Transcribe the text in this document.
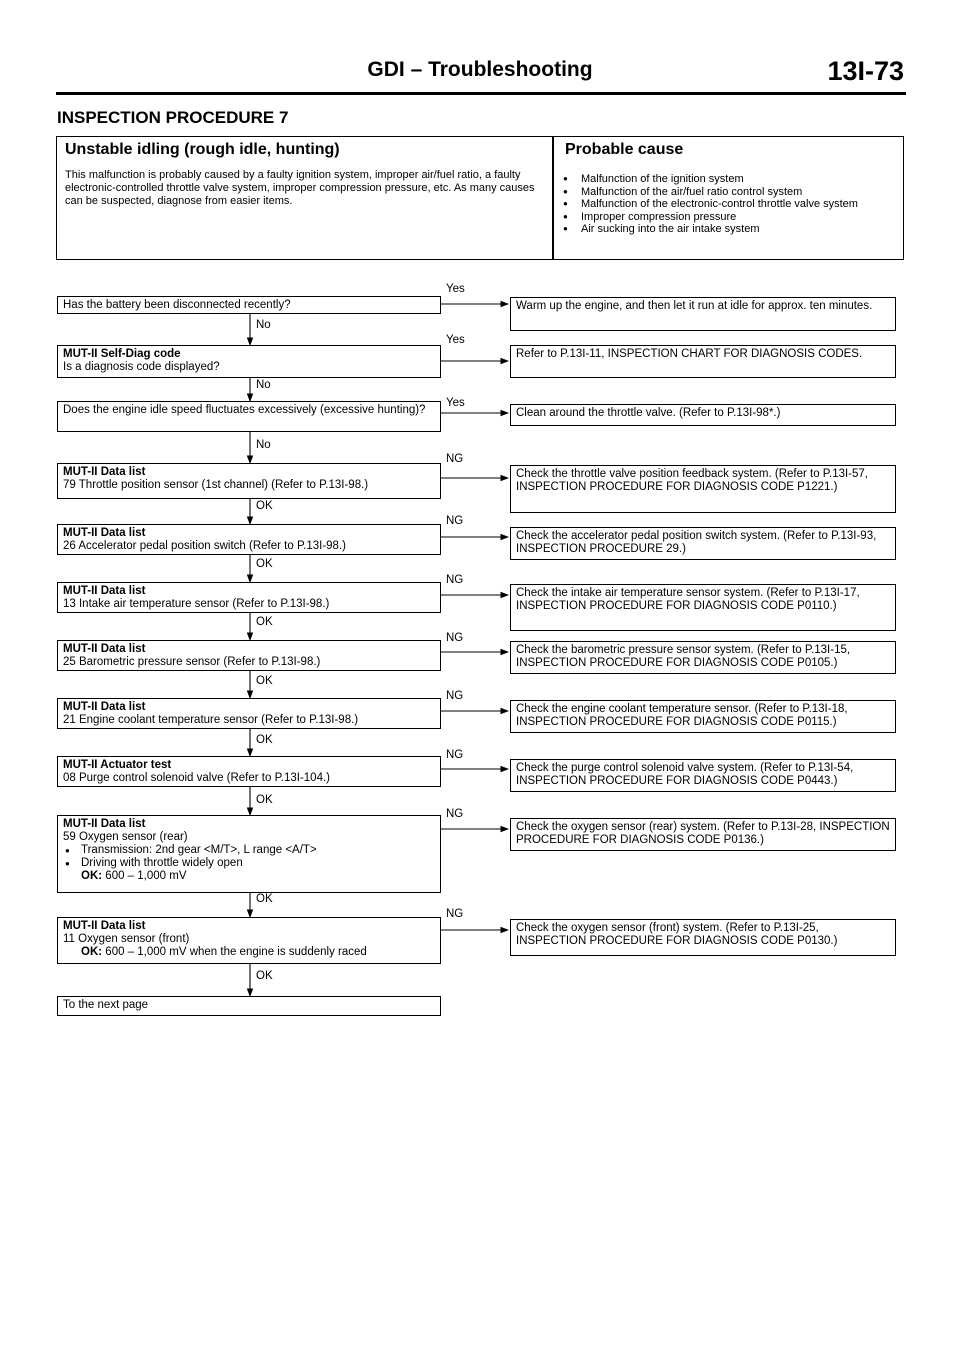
GDI – Troubleshooting	13I-73
INSPECTION PROCEDURE 7
Unstable idling (rough idle, hunting)
This malfunction is probably caused by a faulty ignition system, improper air/fuel ratio, a faulty electronic-controlled throttle valve system, improper compression pressure, etc. As many causes can be suspected, diagnose from easier items.
Probable cause
● Malfunction of the ignition system
● Malfunction of the air/fuel ratio control system
● Malfunction of the electronic-control throttle valve system
● Improper compression pressure
● Air sucking into the air intake system
Has the battery been disconnected recently?
Yes
No
Warm up the engine, and then let it run at idle for approx. ten minutes.
MUT-II Self-Diag code
Is a diagnosis code displayed?
Yes
No
Refer to P.13I-11, INSPECTION CHART FOR DIAGNOSIS CODES.
Does the engine idle speed fluctuates excessively (excessive hunting)?
Yes
No
Clean around the throttle valve. (Refer to P.13I-98*.)
MUT-II Data list
79 Throttle position sensor (1st channel) (Refer to P.13I-98.)
NG
OK
Check the throttle valve position feedback system. (Refer to P.13I-57, INSPECTION PROCEDURE FOR DIAGNOSIS CODE P1221.)
MUT-II Data list
26 Accelerator pedal position switch (Refer to P.13I-98.)
NG
OK
Check the accelerator pedal position switch system. (Refer to P.13I-93, INSPECTION PROCEDURE 29.)
MUT-II Data list
13 Intake air temperature sensor (Refer to P.13I-98.)
NG
OK
Check the intake air temperature sensor system. (Refer to P.13I-17, INSPECTION PROCEDURE FOR DIAGNOSIS CODE P0110.)
MUT-II Data list
25 Barometric pressure sensor (Refer to P.13I-98.)
NG
OK
Check the barometric pressure sensor system. (Refer to P.13I-15, INSPECTION PROCEDURE FOR DIAGNOSIS CODE P0105.)
MUT-II Data list
21 Engine coolant temperature sensor (Refer to P.13I-98.)
NG
OK
Check the engine coolant temperature sensor. (Refer to P.13I-18, INSPECTION PROCEDURE FOR DIAGNOSIS CODE P0115.)
MUT-II Actuator test
08 Purge control solenoid valve (Refer to P.13I-104.)
NG
OK
Check the purge control solenoid valve system. (Refer to P.13I-54, INSPECTION PROCEDURE FOR DIAGNOSIS CODE P0443.)
MUT-II Data list
59 Oxygen sensor (rear)
● Transmission: 2nd gear <M/T>, L range <A/T>
● Driving with throttle widely open
OK: 600 – 1,000 mV
NG
OK
Check the oxygen sensor (rear) system. (Refer to P.13I-28, INSPECTION PROCEDURE FOR DIAGNOSIS CODE P0136.)
MUT-II Data list
11 Oxygen sensor (front)
OK: 600 – 1,000 mV when the engine is suddenly raced
NG
OK
Check the oxygen sensor (front) system. (Refer to P.13I-25, INSPECTION PROCEDURE FOR DIAGNOSIS CODE P0130.)
To the next page
